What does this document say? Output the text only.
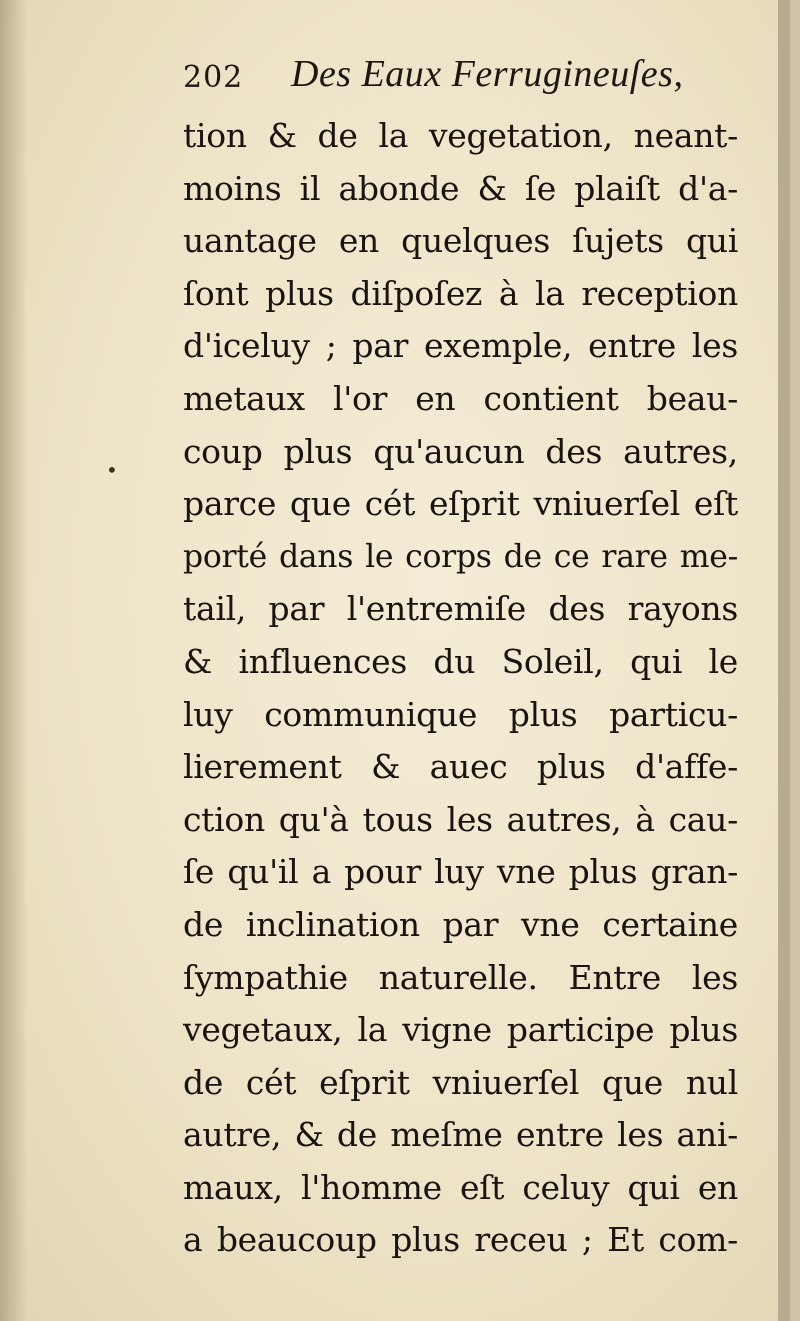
•
202 Des Eaux Ferrugineuſes,
tion & de la vegetation, neant-
moins il abonde & ſe plaiſt d'a-
uantage en quelques ſujets qui
ſont plus diſpoſez à la reception
d'iceluy ; par exemple, entre les
metaux l'or en contient beau-
coup plus qu'aucun des autres,
parce que cét eſprit vniuerſel eſt
porté dans le corps de ce rare me-
tail, par l'entremiſe des rayons
& influences du Soleil, qui le
luy communique plus particu-
lierement & auec plus d'affe-
ction qu'à tous les autres, à cau-
ſe qu'il a pour luy vne plus gran-
de inclination par vne certaine
ſympathie naturelle. Entre les
vegetaux, la vigne participe plus
de cét eſprit vniuerſel que nul
autre, & de meſme entre les ani-
maux, l'homme eſt celuy qui en
a beaucoup plus receu ; Et com-
